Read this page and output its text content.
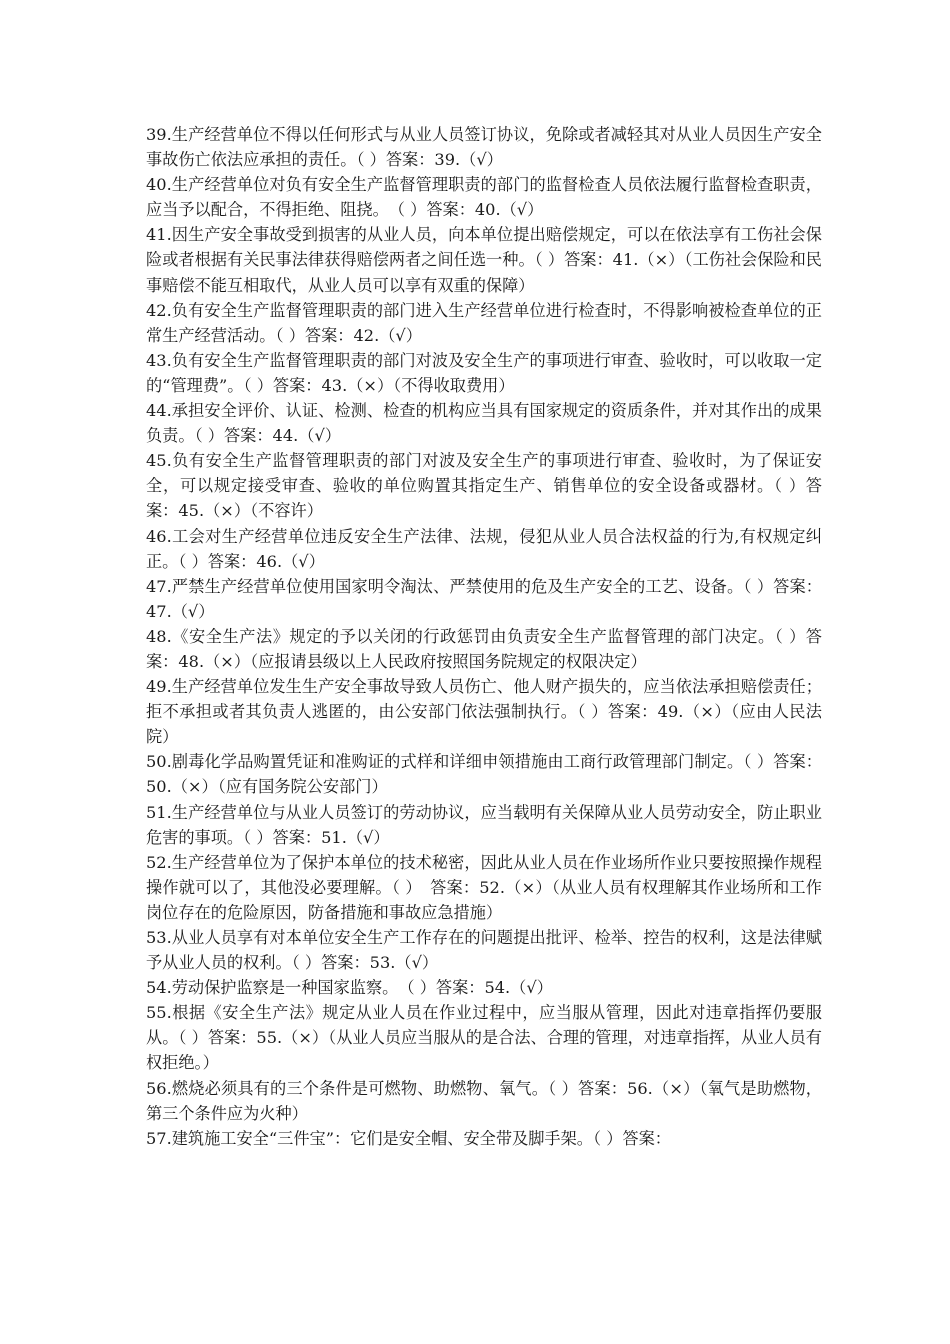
39.生产经营单位不得以任何形式与从业人员签订协议，免除或者减轻其对从业人员因生产安全事故伤亡依法应承担的责任。（ ）答案：39.（√）

40.生产经营单位对负有安全生产监督管理职责的部门的监督检查人员依法履行监督检查职责，应当予以配合，不得拒绝、阻挠。　（ ）答案：40.（√）

41.因生产安全事故受到损害的从业人员，向本单位提出赔偿规定，可以在依法享有工伤社会保险或者根据有关民事法律获得赔偿两者之间任选一种。（ ）答案：41.（×）（工伤社会保险和民事赔偿不能互相取代，从业人员可以享有双重的保障）

42.负有安全生产监督管理职责的部门进入生产经营单位进行检查时，不得影响被检查单位的正常生产经营活动。（ ）答案：42.（√）

43.负有安全生产监督管理职责的部门对波及安全生产的事项进行审查、验收时，可以收取一定的“管理费”。（ ）答案：43.（×）（不得收取费用）

44.承担安全评价、认证、检测、检查的机构应当具有国家规定的资质条件，并对其作出的成果负责。（ ）答案：44.（√）

45.负有安全生产监督管理职责的部门对波及安全生产的事项进行审查、验收时，为了保证安全，可以规定接受审查、验收的单位购置其指定生产、销售单位的安全设备或器材。（ ）答案：45.（×）（不容许）

46.工会对生产经营单位违反安全生产法律、法规，侵犯从业人员合法权益的行为,有权规定纠正。（ ）答案：46.（√）

47.严禁生产经营单位使用国家明令淘汰、严禁使用的危及生产安全的工艺、设备。（ ）答案：47.（√）

48.《安全生产法》规定的予以关闭的行政惩罚由负责安全生产监督管理的部门决定。（ ）答案：48.（×）（应报请县级以上人民政府按照国务院规定的权限决定）

49.生产经营单位发生生产安全事故导致人员伤亡、他人财产损失的，应当依法承担赔偿责任；拒不承担或者其负责人逃匿的，由公安部门依法强制执行。（ ）答案：49.（×）（应由人民法院）

50.剧毒化学品购置凭证和准购证的式样和详细申领措施由工商行政管理部门制定。（ ）答案：50.（×）（应有国务院公安部门）

51.生产经营单位与从业人员签订的劳动协议，应当载明有关保障从业人员劳动安全，防止职业危害的事项。（ ）答案：51.（√）

52.生产经营单位为了保护本单位的技术秘密，因此从业人员在作业场所作业只要按照操作规程操作就可以了，其他没必要理解。（ ）　答案：52.（×）（从业人员有权理解其作业场所和工作岗位存在的危险原因，防备措施和事故应急措施）

53.从业人员享有对本单位安全生产工作存在的问题提出批评、检举、控告的权利，这是法律赋予从业人员的权利。（ ）答案：53.（√）

54.劳动保护监察是一种国家监察。　（ ）答案：54.（√）

55.根据《安全生产法》规定从业人员在作业过程中，应当服从管理，因此对违章指挥仍要服从。（ ）答案：55.（×）（从业人员应当服从的是合法、合理的管理，对违章指挥，从业人员有权拒绝。）

56.燃烧必须具有的三个条件是可燃物、助燃物、氧气。（ ）答案：56.（×）（氧气是助燃物，第三个条件应为火种）

57.建筑施工安全“三件宝”：它们是安全帽、安全带及脚手架。（ ）答案：
